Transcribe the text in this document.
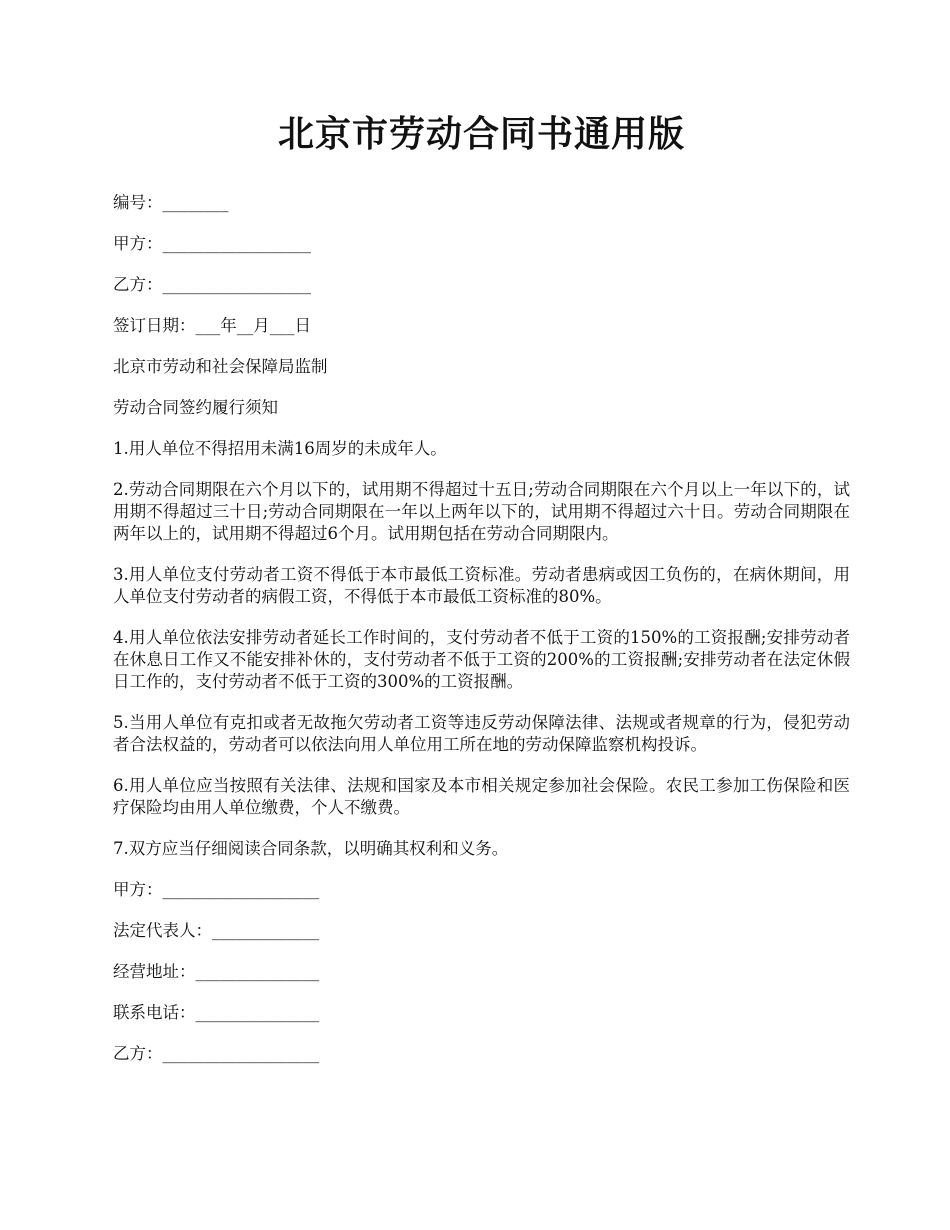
北京市劳动合同书通用版

编号：________

甲方：__________________

乙方：__________________

签订日期：___年__月___日

北京市劳动和社会保障局监制

劳动合同签约履行须知

1.用人单位不得招用未满16周岁的未成年人。

2.劳动合同期限在六个月以下的，试用期不得超过十五日;劳动合同期限在六个月以上一年以下的，试用期不得超过三十日;劳动合同期限在一年以上两年以下的，试用期不得超过六十日。劳动合同期限在两年以上的，试用期不得超过6个月。试用期包括在劳动合同期限内。

3.用人单位支付劳动者工资不得低于本市最低工资标准。劳动者患病或因工负伤的，在病休期间，用人单位支付劳动者的病假工资，不得低于本市最低工资标准的80%。

4.用人单位依法安排劳动者延长工作时间的，支付劳动者不低于工资的150%的工资报酬;安排劳动者在休息日工作又不能安排补休的，支付劳动者不低于工资的200%的工资报酬;安排劳动者在法定休假日工作的，支付劳动者不低于工资的300%的工资报酬。

5.当用人单位有克扣或者无故拖欠劳动者工资等违反劳动保障法律、法规或者规章的行为，侵犯劳动者合法权益的，劳动者可以依法向用人单位用工所在地的劳动保障监察机构投诉。

6.用人单位应当按照有关法律、法规和国家及本市相关规定参加社会保险。农民工参加工伤保险和医疗保险均由用人单位缴费，个人不缴费。

7.双方应当仔细阅读合同条款，以明确其权利和义务。

甲方：___________________

法定代表人：_____________

经营地址：_______________

联系电话：_______________

乙方：___________________
